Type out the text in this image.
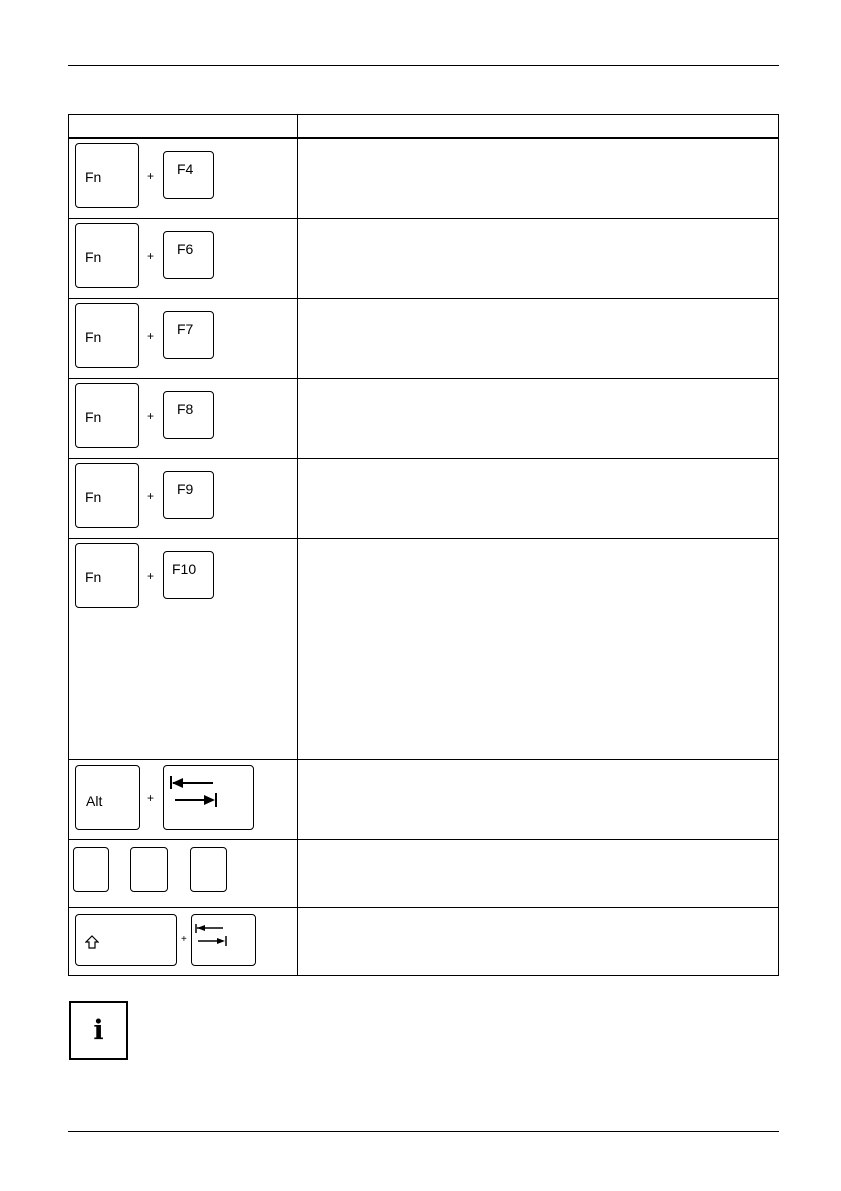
Fn	+ F4
Fn	+ F6
Fn	+ F7
Fn	+ F8
Fn	+ F9
Fn	+ F10
Alt	+
+
i
